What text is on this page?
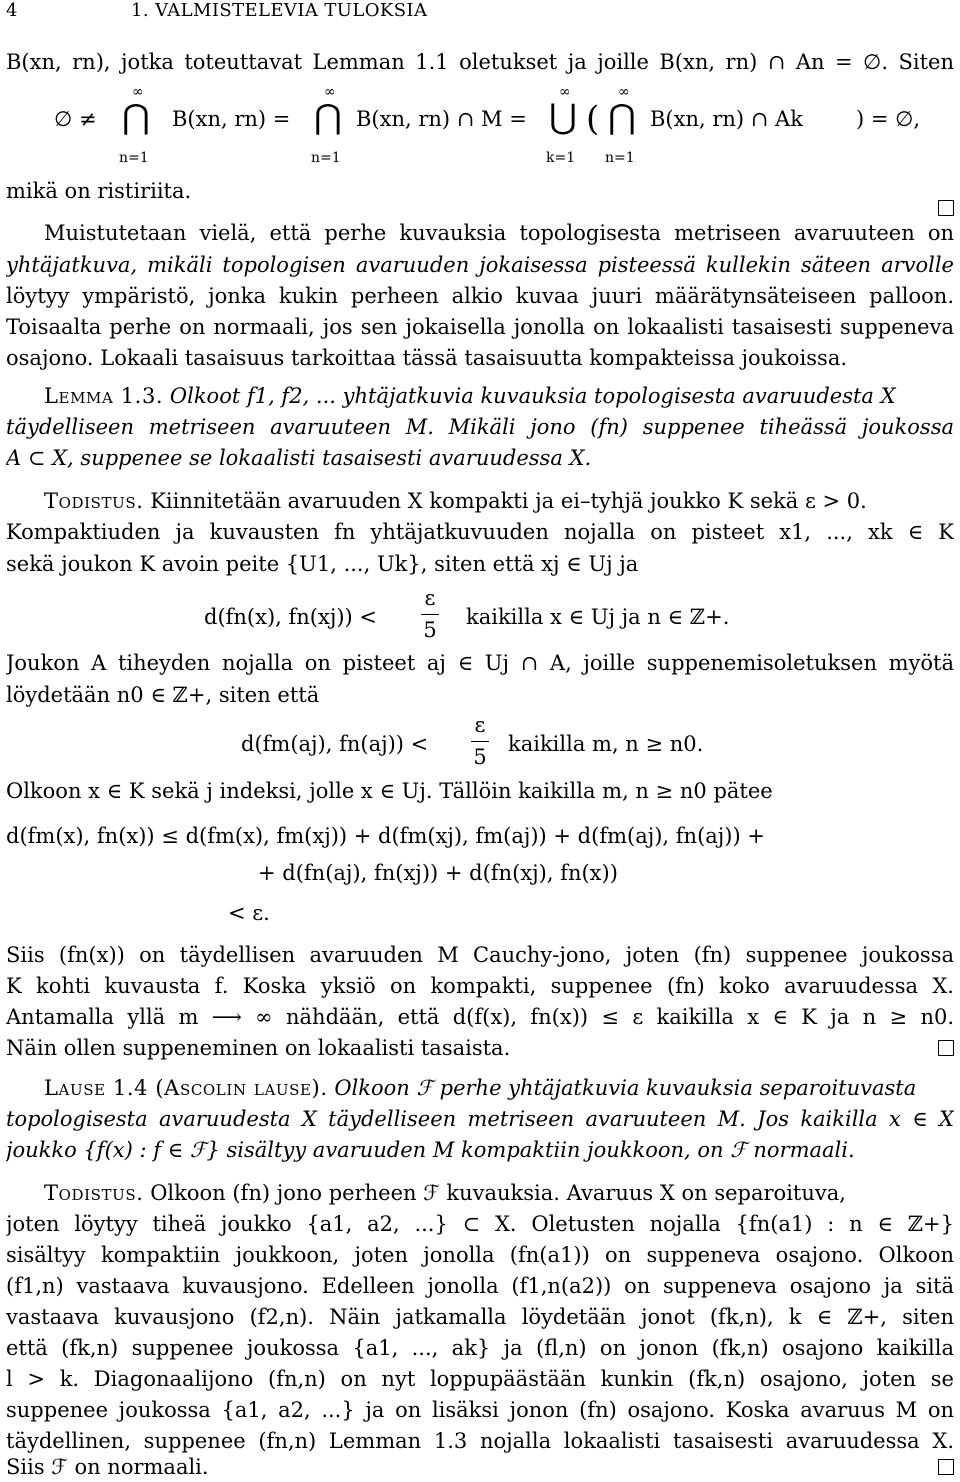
4	1. VALMISTELEVIA TULOKSIA
B(xn, rn), jotka toteuttavat Lemman 1.1 oletukset ja joille B(xn, rn) ∩ An = ∅. Siten
∅ ≠
∞
⋂
n=1
B(xn, rn) =
∞
⋂
n=1
B(xn, rn) ∩ M =
∞
⋃
k=1
(
∞
⋂
n=1
B(xn, rn) ∩ Ak	) = ∅,
mikä on ristiriita.
Muistutetaan vielä, että perhe kuvauksia topologisesta metriseen avaruuteen on
yhtäjatkuva, mikäli topologisen avaruuden jokaisessa pisteessä kullekin säteen arvolle
löytyy ympäristö, jonka kukin perheen alkio kuvaa juuri määrätynsäteiseen palloon.
Toisaalta perhe on normaali, jos sen jokaisella jonolla on lokaalisti tasaisesti suppeneva
osajono. Lokaali tasaisuus tarkoittaa tässä tasaisuutta kompakteissa joukoissa.
Lemma 1.3. Olkoot f1, f2, ... yhtäjatkuvia kuvauksia topologisesta avaruudesta X
täydelliseen metriseen avaruuteen M. Mikäli jono (fn) suppenee tiheässä joukossa
A ⊂ X, suppenee se lokaalisti tasaisesti avaruudessa X.
Todistus. Kiinnitetään avaruuden X kompakti ja ei–tyhjä joukko K sekä ε > 0.
Kompaktiuden ja kuvausten fn yhtäjatkuvuuden nojalla on pisteet x1, ..., xk ∈ K
sekä joukon K avoin peite {U1, ..., Uk}, siten että xj ∈ Uj ja
d(fn(x), fn(xj)) <
ε
5
kaikilla x ∈ Uj ja n ∈ ℤ+.
Joukon A tiheyden nojalla on pisteet aj ∈ Uj ∩ A, joille suppenemisoletuksen myötä
löydetään n0 ∈ ℤ+, siten että
d(fm(aj), fn(aj)) <
ε
5
kaikilla m, n ≥ n0.
Olkoon x ∈ K sekä j indeksi, jolle x ∈ Uj. Tällöin kaikilla m, n ≥ n0 pätee
d(fm(x), fn(x)) ≤ d(fm(x), fm(xj)) + d(fm(xj), fm(aj)) + d(fm(aj), fn(aj)) +
+ d(fn(aj), fn(xj)) + d(fn(xj), fn(x))
< ε.
Siis (fn(x)) on täydellisen avaruuden M Cauchy-jono, joten (fn) suppenee joukossa
K kohti kuvausta f. Koska yksiö on kompakti, suppenee (fn) koko avaruudessa X.
Antamalla yllä m ⟶ ∞ nähdään, että d(f(x), fn(x)) ≤ ε kaikilla x ∈ K ja n ≥ n0.
Näin ollen suppeneminen on lokaalisti tasaista.
Lause 1.4 (Ascolin lause). Olkoon ℱ perhe yhtäjatkuvia kuvauksia separoituvasta
topologisesta avaruudesta X täydelliseen metriseen avaruuteen M. Jos kaikilla x ∈ X
joukko {f(x) : f ∈ ℱ} sisältyy avaruuden M kompaktiin joukkoon, on ℱ normaali.
Todistus. Olkoon (fn) jono perheen ℱ kuvauksia. Avaruus X on separoituva,
joten löytyy tiheä joukko {a1, a2, ...} ⊂ X. Oletusten nojalla {fn(a1) : n ∈ ℤ+}
sisältyy kompaktiin joukkoon, joten jonolla (fn(a1)) on suppeneva osajono. Olkoon
(f1,n) vastaava kuvausjono. Edelleen jonolla (f1,n(a2)) on suppeneva osajono ja sitä
vastaava kuvausjono (f2,n). Näin jatkamalla löydetään jonot (fk,n), k ∈ ℤ+, siten
että (fk,n) suppenee joukossa {a1, ..., ak} ja (fl,n) on jonon (fk,n) osajono kaikilla
l > k. Diagonaalijono (fn,n) on nyt loppupäästään kunkin (fk,n) osajono, joten se
suppenee joukossa {a1, a2, ...} ja on lisäksi jonon (fn) osajono. Koska avaruus M on
täydellinen, suppenee (fn,n) Lemman 1.3 nojalla lokaalisti tasaisesti avaruudessa X.
Siis ℱ on normaali.
